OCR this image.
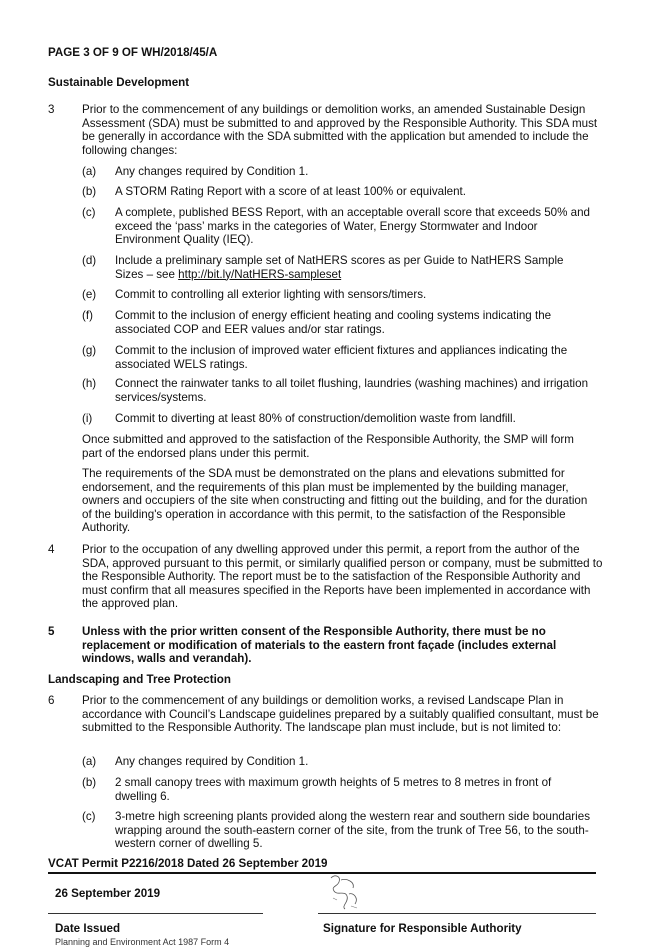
PAGE 3 OF 9 OF WH/2018/45/A
Sustainable Development
3 Prior to the commencement of any buildings or demolition works, an amended Sustainable Design Assessment (SDA) must be submitted to and approved by the Responsible Authority. This SDA must be generally in accordance with the SDA submitted with the application but amended to include the following changes:
(a) Any changes required by Condition 1.
(b) A STORM Rating Report with a score of at least 100% or equivalent.
(c) A complete, published BESS Report, with an acceptable overall score that exceeds 50% and exceed the ‘pass’ marks in the categories of Water, Energy Stormwater and Indoor Environment Quality (IEQ).
(d) Include a preliminary sample set of NatHERS scores as per Guide to NatHERS Sample Sizes – see http://bit.ly/NatHERS-sampleset
(e) Commit to controlling all exterior lighting with sensors/timers.
(f) Commit to the inclusion of energy efficient heating and cooling systems indicating the associated COP and EER values and/or star ratings.
(g) Commit to the inclusion of improved water efficient fixtures and appliances indicating the associated WELS ratings.
(h) Connect the rainwater tanks to all toilet flushing, laundries (washing machines) and irrigation services/systems.
(i) Commit to diverting at least 80% of construction/demolition waste from landfill.
Once submitted and approved to the satisfaction of the Responsible Authority, the SMP will form part of the endorsed plans under this permit.
The requirements of the SDA must be demonstrated on the plans and elevations submitted for endorsement, and the requirements of this plan must be implemented by the building manager, owners and occupiers of the site when constructing and fitting out the building, and for the duration of the building's operation in accordance with this permit, to the satisfaction of the Responsible Authority.
4 Prior to the occupation of any dwelling approved under this permit, a report from the author of the SDA, approved pursuant to this permit, or similarly qualified person or company, must be submitted to the Responsible Authority. The report must be to the satisfaction of the Responsible Authority and must confirm that all measures specified in the Reports have been implemented in accordance with the approved plan.
5 Unless with the prior written consent of the Responsible Authority, there must be no replacement or modification of materials to the eastern front façade (includes external windows, walls and verandah).
Landscaping and Tree Protection
6 Prior to the commencement of any buildings or demolition works, a revised Landscape Plan in accordance with Council’s Landscape guidelines prepared by a suitably qualified consultant, must be submitted to the Responsible Authority. The landscape plan must include, but is not limited to:
(a) Any changes required by Condition 1.
(b) 2 small canopy trees with maximum growth heights of 5 metres to 8 metres in front of dwelling 6.
(c) 3-metre high screening plants provided along the western rear and southern side boundaries wrapping around the south-eastern corner of the site, from the trunk of Tree 56, to the south-western corner of dwelling 5.
VCAT Permit P2216/2018 Dated 26 September 2019
26 September 2019
Date Issued	Signature for Responsible Authority
Planning and Environment Act 1987 Form 4
